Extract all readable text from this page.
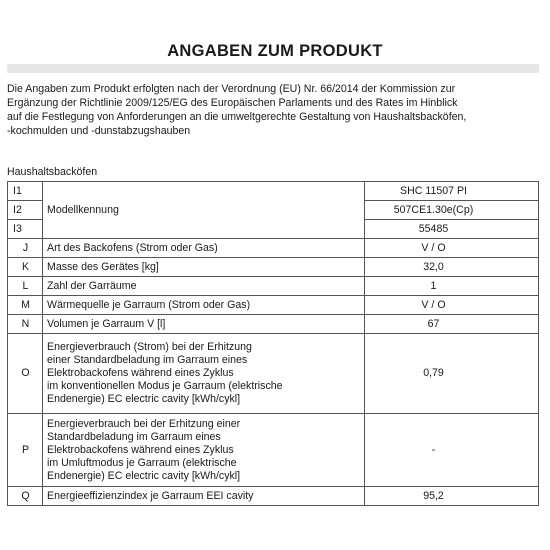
ANGABEN ZUM PRODUKT
Die Angaben zum Produkt erfolgten nach der Verordnung (EU) Nr. 66/2014 der Kommission zur
Ergänzung der Richtlinie 2009/125/EG des Europäischen Parlaments und des Rates im Hinblick
auf die Festlegung von Anforderungen an die umweltgerechte Gestaltung von Haushaltsbacköfen,
-kochmulden und -dunstabzugshauben
Haushaltsbacköfen
I1	Modellkennung	SHC 11507 PI
I2		507CE1.30e(Cp)
I3		55485
J	Art des Backofens (Strom oder Gas)	V / O
K	Masse des Gerätes [kg]	32,0
L	Zahl der Garräume	1
M	Wärmequelle je Garraum (Strom oder Gas)	V / O
N	Volumen je Garraum V [l]	67
O	Energieverbrauch (Strom) bei der Erhitzung
einer Standardbeladung im Garraum eines
Elektrobackofens während eines Zyklus
im konventionellen Modus je Garraum (elektrische
Endenergie) EC electric cavity [kWh/cykl]	0,79
P	Energieverbrauch bei der Erhitzung einer
Standardbeladung im Garraum eines
Elektrobackofens während eines Zyklus
im Umluftmodus je Garraum (elektrische
Endenergie) EC electric cavity [kWh/cykl]	-
Q	Energieeffizienzindex je Garraum EEI cavity	95,2
